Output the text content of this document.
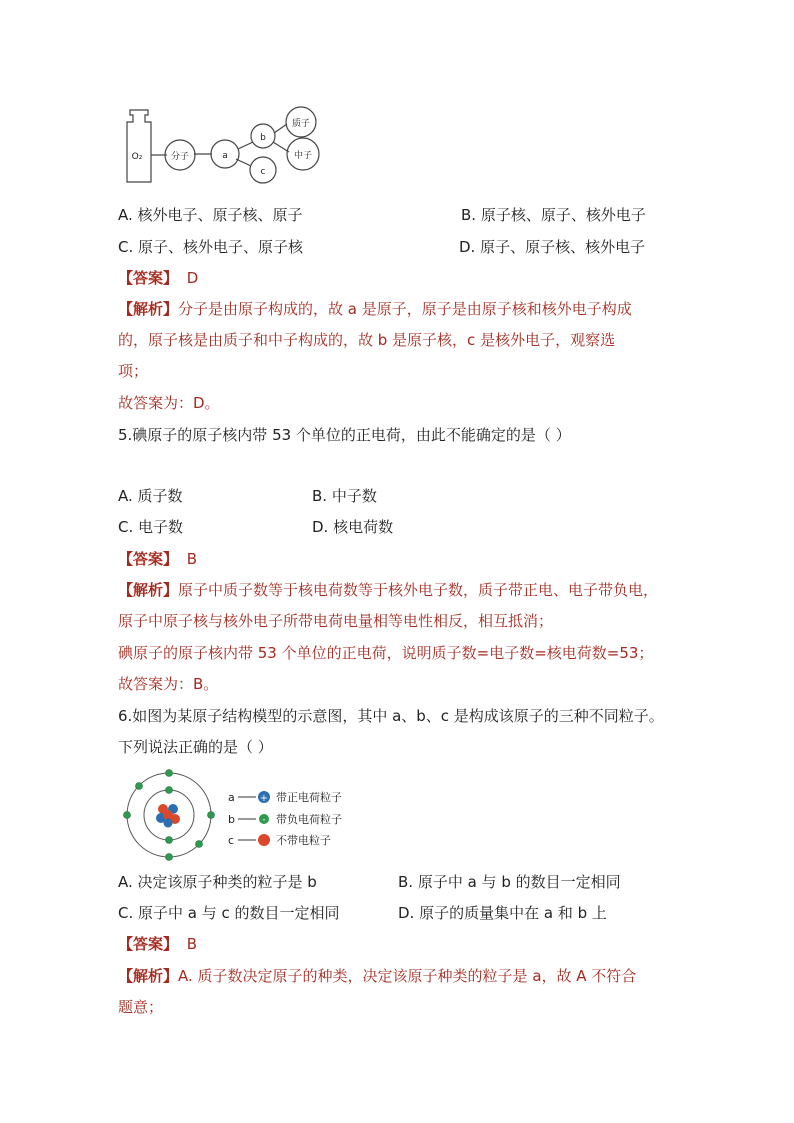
O₂	分子	a
b
c
质子
中子
A. 核外电子、原子核、原子	B. 原子核、原子、核外电子
C. 原子、核外电子、原子核	D. 原子、原子核、核外电子
【答案】 D
【解析】分子是由原子构成的，故 a 是原子，原子是由原子核和核外电子构成
的，原子核是由质子和中子构成的，故 b 是原子核，c 是核外电子，观察选
项；
故答案为：D。
5.碘原子的原子核内带 53 个单位的正电荷，由此不能确定的是（ ）
A. 质子数	B. 中子数
C. 电子数	D. 核电荷数
【答案】 B
【解析】原子中质子数等于核电荷数等于核外电子数，质子带正电、电子带负电，
原子中原子核与核外电子所带电荷电量相等电性相反，相互抵消；
碘原子的原子核内带 53 个单位的正电荷，说明质子数=电子数=核电荷数=53；
故答案为：B。
6.如图为某原子结构模型的示意图，其中 a、b、c 是构成该原子的三种不同粒子。
下列说法正确的是（ ）
a	+ 带正电荷粒子
b	- 带负电荷粒子
c	不带电粒子
A. 决定该原子种类的粒子是 b	B. 原子中 a 与 b 的数目一定相同
C. 原子中 a 与 c 的数目一定相同	D. 原子的质量集中在 a 和 b 上
【答案】 B
【解析】A. 质子数决定原子的种类，决定该原子种类的粒子是 a，故 A 不符合
题意；
